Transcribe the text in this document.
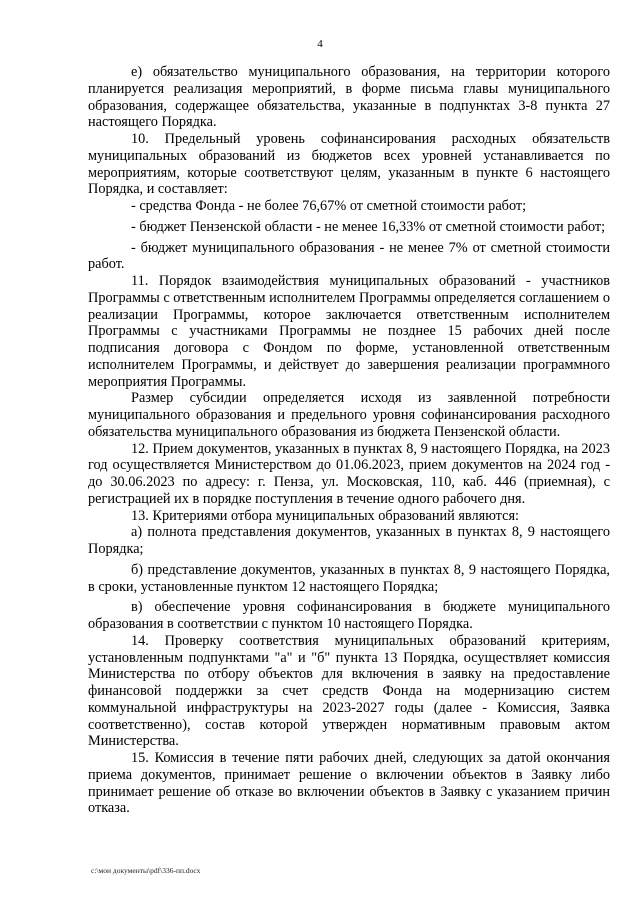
4

е) обязательство муниципального образования, на территории которого планируется реализация мероприятий, в форме письма главы муниципального образования, содержащее обязательства, указанные в подпунктах 3-8 пункта 27 настоящего Порядка.

10. Предельный уровень софинансирования расходных обязательств муниципальных образований из бюджетов всех уровней устанавливается по мероприятиям, которые соответствуют целям, указанным в пункте 6 настоящего Порядка, и составляет:

- средства Фонда - не более 76,67% от сметной стоимости работ;

- бюджет Пензенской области - не менее 16,33% от сметной стоимости работ;

- бюджет муниципального образования - не менее 7% от сметной стоимости работ.

11. Порядок взаимодействия муниципальных образований - участников Программы с ответственным исполнителем Программы определяется соглашением о реализации Программы, которое заключается ответственным исполнителем Программы с участниками Программы не позднее 15 рабочих дней после подписания договора с Фондом по форме, установленной ответственным исполнителем Программы, и действует до завершения реализации программного мероприятия Программы.

Размер субсидии определяется исходя из заявленной потребности муниципального образования и предельного уровня софинансирования расходного обязательства муниципального образования из бюджета Пензенской области.

12. Прием документов, указанных в пунктах 8, 9 настоящего Порядка, на 2023 год осуществляется Министерством до 01.06.2023, прием документов на 2024 год - до 30.06.2023 по адресу: г. Пенза, ул. Московская, 110, каб. 446 (приемная), с регистрацией их в порядке поступления в течение одного рабочего дня.

13. Критериями отбора муниципальных образований являются:

а) полнота представления документов, указанных в пунктах 8, 9 настоящего Порядка;

б) представление документов, указанных в пунктах 8, 9 настоящего Порядка, в сроки, установленные пунктом 12 настоящего Порядка;

в) обеспечение уровня софинансирования в бюджете муниципального образования в соответствии с пунктом 10 настоящего Порядка.

14. Проверку соответствия муниципальных образований критериям, установленным подпунктами "а" и "б" пункта 13 Порядка, осуществляет комиссия Министерства по отбору объектов для включения в заявку на предоставление финансовой поддержки за счет средств Фонда на модернизацию систем коммунальной инфраструктуры на 2023-2027 годы (далее - Комиссия, Заявка соответственно), состав которой утвержден нормативным правовым актом Министерства.

15. Комиссия в течение пяти рабочих дней, следующих за датой окончания приема документов, принимает решение о включении объектов в Заявку либо принимает решение об отказе во включении объектов в Заявку с указанием причин отказа.

c:\мои документы\pdf\336-пп.docx
